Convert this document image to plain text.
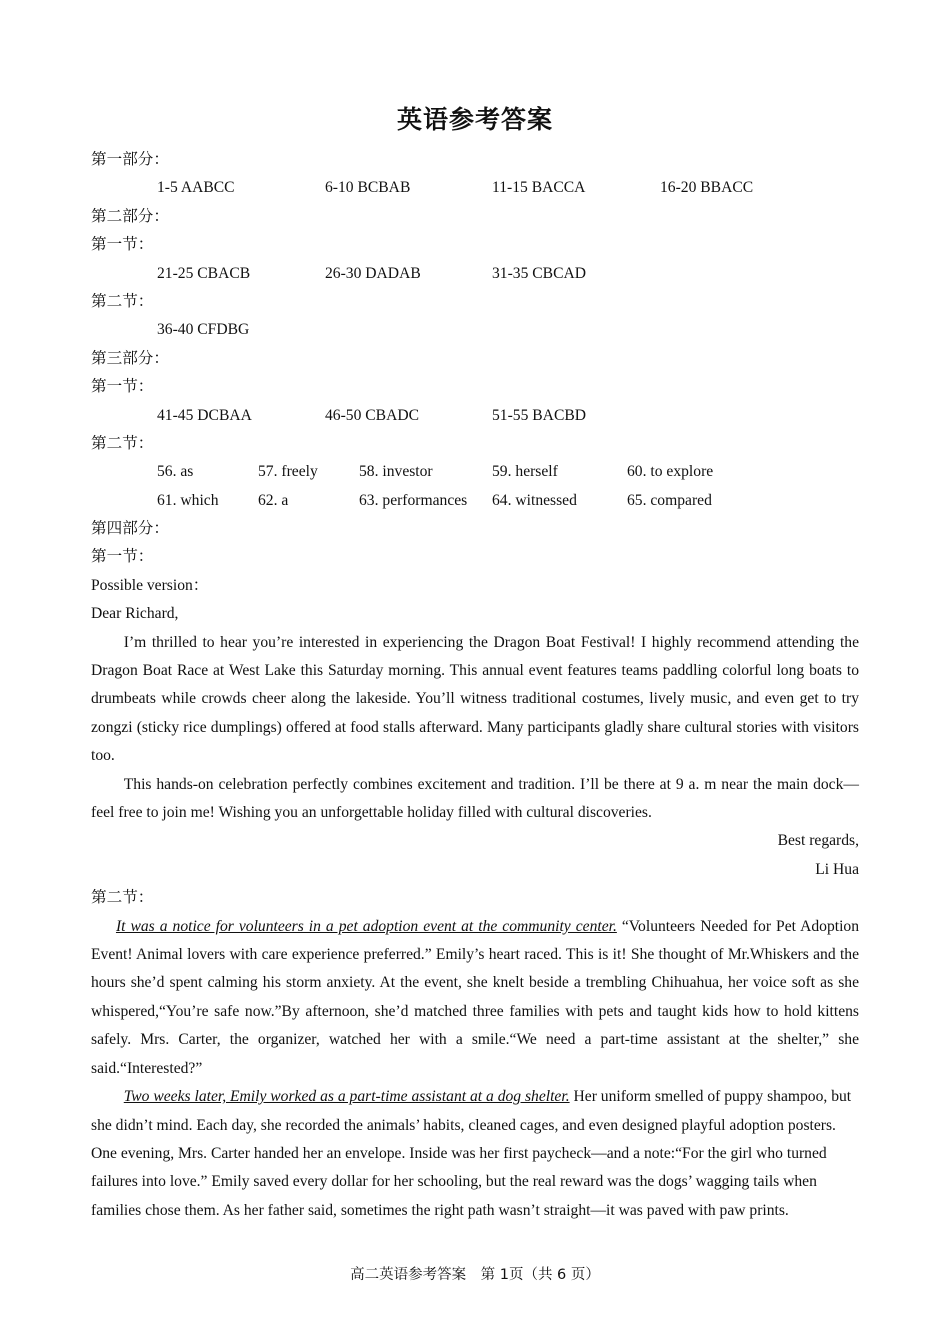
英语参考答案
第一部分：
1-5 AABCC	6-10 BCBAB	11-15 BACCA	16-20 BBACC
第二部分：
第一节：
21-25 CBACB	26-30 DADAB	31-35 CBCAD
第二节：
36-40 CFDBG
第三部分：
第一节：
41-45 DCBAA	46-50 CBADC	51-55 BACBD
第二节：
56. as	57. freely	58. investor	59. herself	60. to explore
61. which	62. a	63. performances 64. witnessed	65. compared
第四部分：
第一节：
Possible version：
Dear Richard,

I’m thrilled to hear you’re interested in experiencing the Dragon Boat Festival! I highly recommend attending the Dragon Boat Race at West Lake this Saturday morning. This annual event features teams paddling colorful long boats to drumbeats while crowds cheer along the lakeside. You’ll witness traditional costumes, lively music, and even get to try zongzi (sticky rice dumplings) offered at food stalls afterward. Many participants gladly share cultural stories with visitors too.

This hands-on celebration perfectly combines excitement and tradition. I’ll be there at 9 a. m near the main dock—feel free to join me! Wishing you an unforgettable holiday filled with cultural discoveries.

Best regards,
Li Hua
第二节：

It was a notice for volunteers in a pet adoption event at the community center. “Volunteers Needed for Pet Adoption Event! Animal lovers with care experience preferred.” Emily’s heart raced. This is it! She thought of Mr.Whiskers and the hours she’d spent calming his storm anxiety. At the event, she knelt beside a trembling Chihuahua, her voice soft as she whispered,“You’re safe now.”By afternoon, she’d matched three families with pets and taught kids how to hold kittens safely. Mrs. Carter, the organizer, watched her with a smile.“We need a part-time assistant at the shelter,” she said.“Interested?”

Two weeks later, Emily worked as a part-time assistant at a dog shelter. Her uniform smelled of puppy shampoo, but she didn’t mind. Each day, she recorded the animals’ habits, cleaned cages, and even designed playful adoption posters. One evening, Mrs. Carter handed her an envelope. Inside was her first paycheck—and a note:“For the girl who turned failures into love.” Emily saved every dollar for her schooling, but the real reward was the dogs’ wagging tails when families chose them. As her father said, sometimes the right path wasn’t straight—it was paved with paw prints.

高二英语参考答案　第 1页（共 6 页）
